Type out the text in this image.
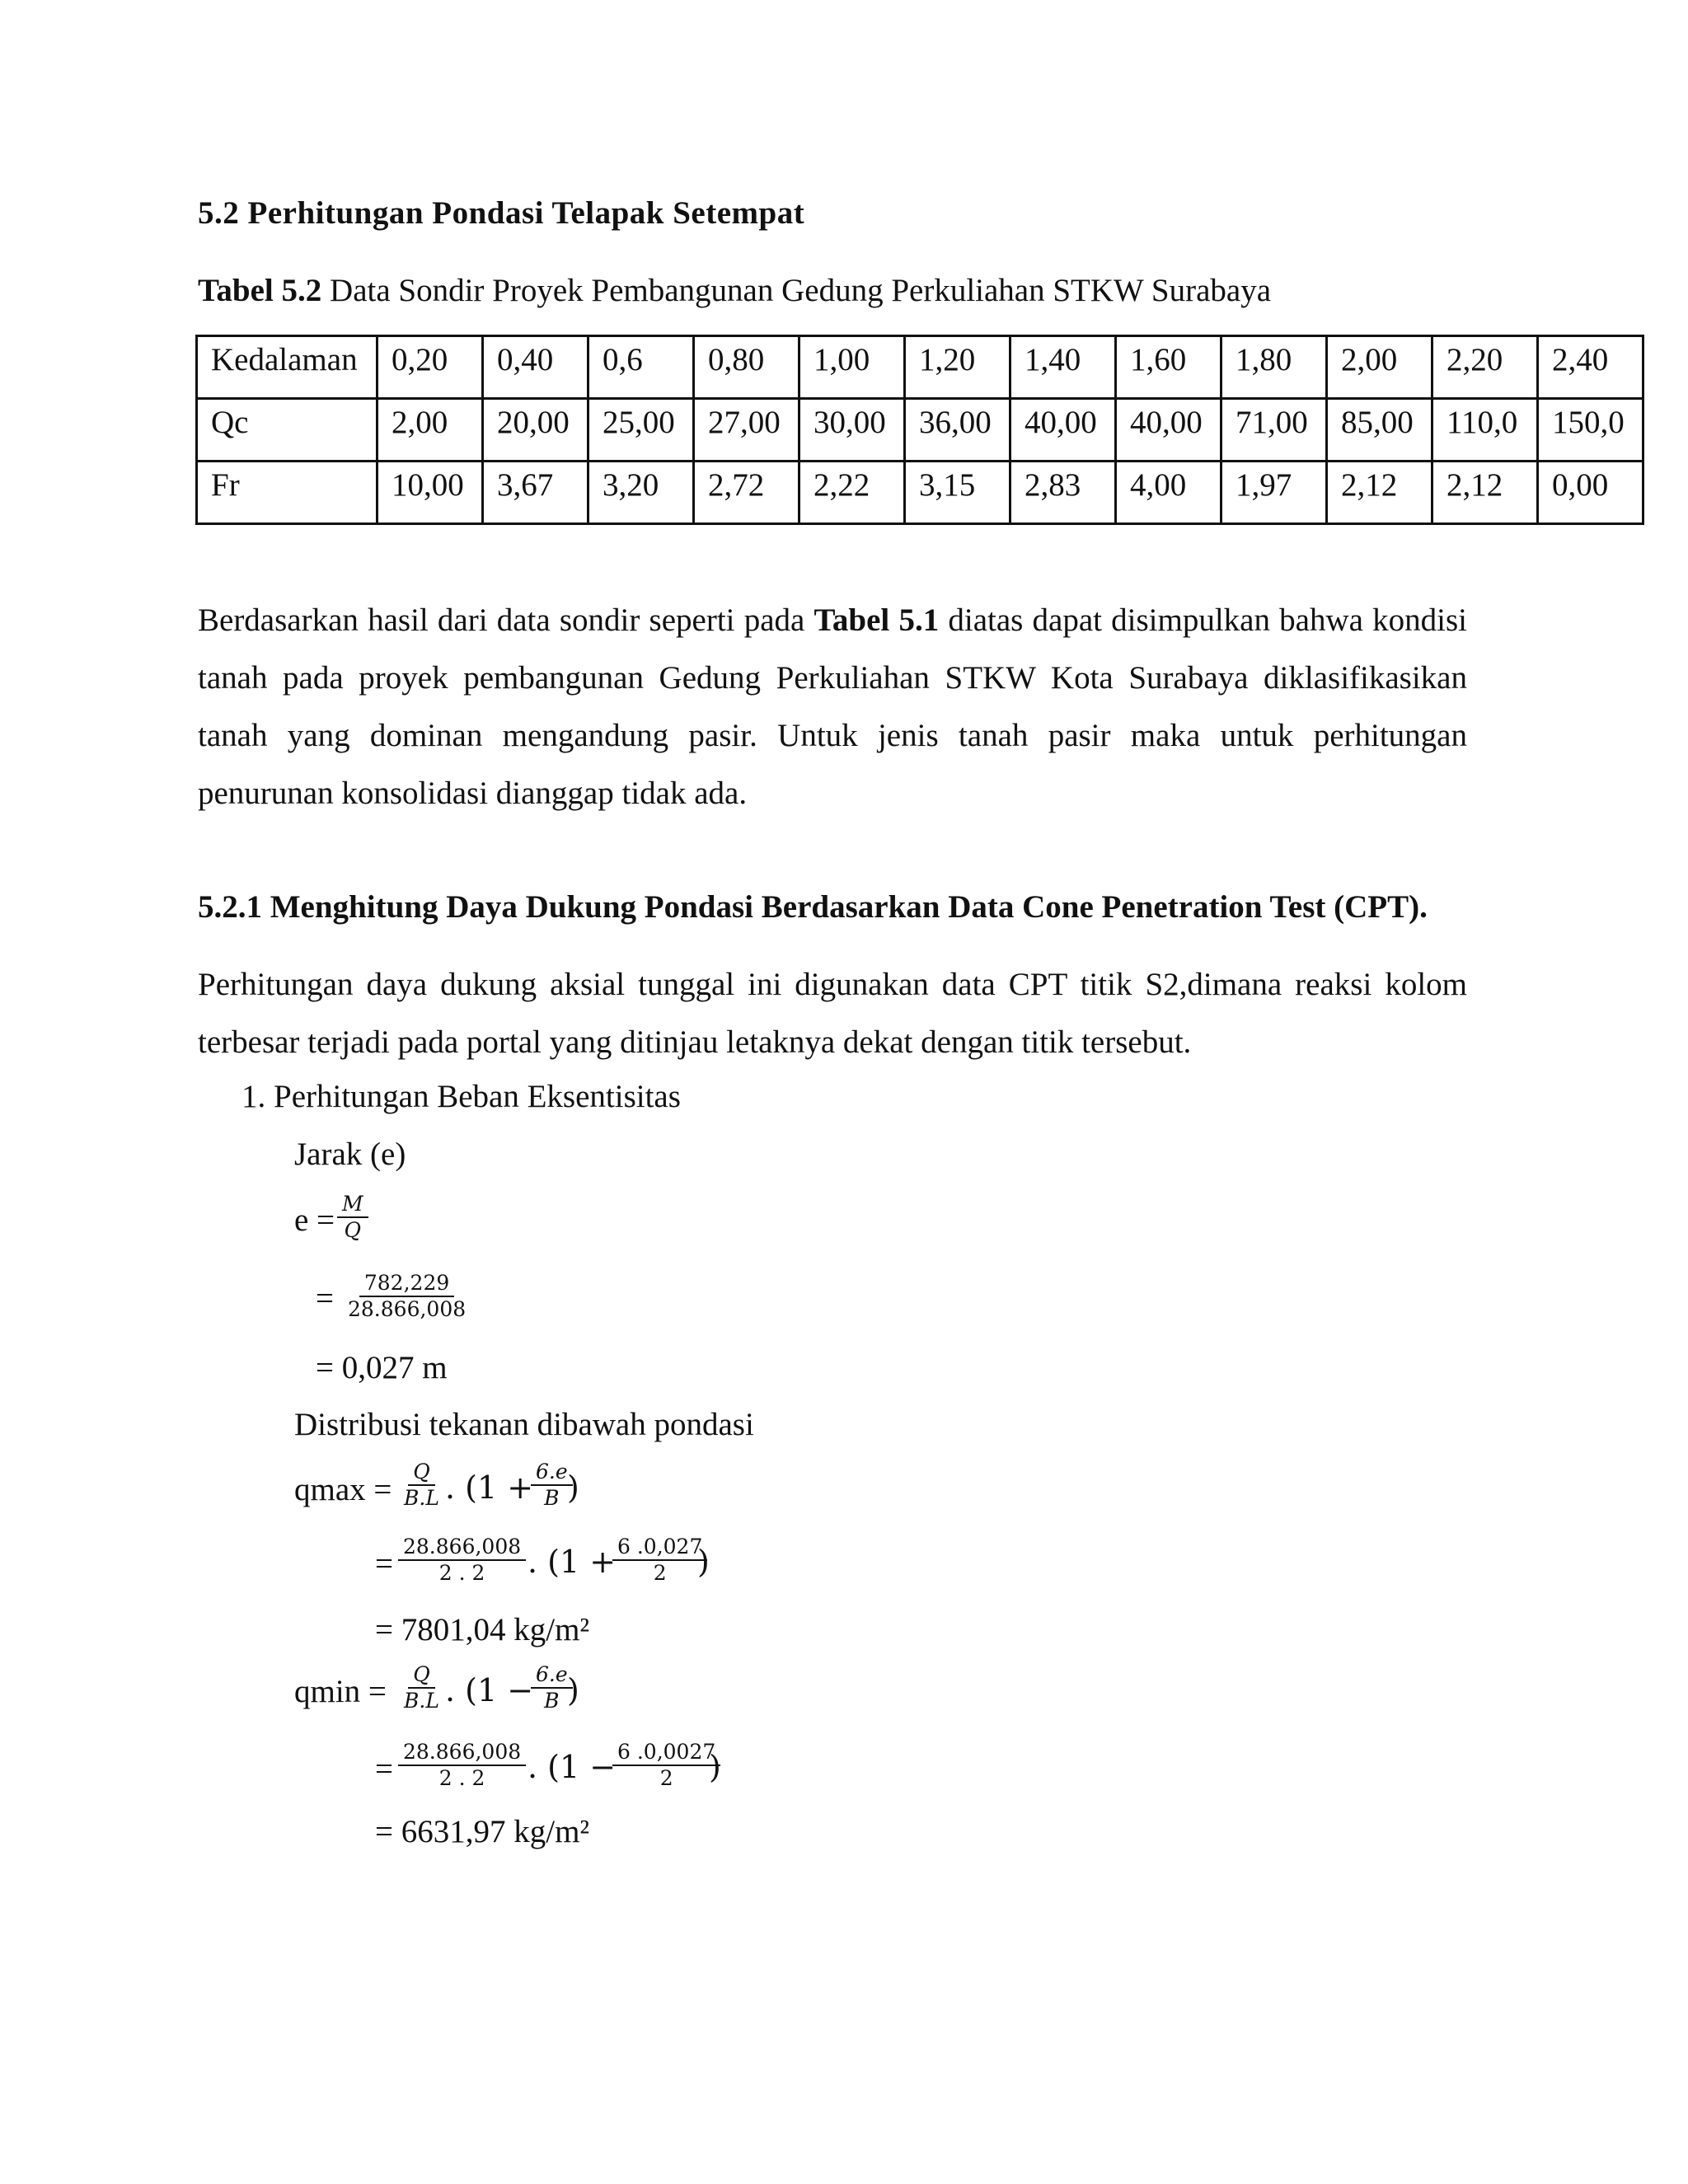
5.2 Perhitungan Pondasi Telapak Setempat
Tabel 5.2 Data Sondir Proyek Pembangunan Gedung Perkuliahan STKW Surabaya
Kedalaman	0,20	0,40	0,6	0,80	1,00	1,20	1,40	1,60	1,80	2,00	2,20	2,40
Qc	2,00	20,00	25,00	27,00	30,00	36,00	40,00	40,00	71,00	85,00	110,0	150,0
Fr	10,00	3,67	3,20	2,72	2,22	3,15	2,83	4,00	1,97	2,12	2,12	0,00
Berdasarkan hasil dari data sondir seperti pada Tabel 5.1 diatas dapat disimpulkan bahwa kondisi tanah pada proyek pembangunan Gedung Perkuliahan STKW Kota Surabaya diklasifikasikan tanah yang dominan mengandung pasir. Untuk jenis tanah pasir maka untuk perhitungan penurunan konsolidasi dianggap tidak ada.
5.2.1 Menghitung Daya Dukung Pondasi Berdasarkan Data Cone Penetration Test (CPT).
Perhitungan daya dukung aksial tunggal ini digunakan data CPT titik S2,dimana reaksi kolom terbesar terjadi pada portal yang ditinjau letaknya dekat dengan titik tersebut.
1. Perhitungan Beban Eksentisitas
Jarak (e)
$e = \frac{M}{Q}$
= $\frac{782,229}{28.866,008}$
= 0,027 m
Distribusi tekanan dibawah pondasi
$qmax = \frac{Q}{B.L}$ . (1 +
$\frac{6.e}{B}$
)
= $\frac{28.866,008}{2 . 2}$ . (1 +
$\frac{6 .0,027}{2}$
)
= 7801,04 kg/m²
$qmin = \frac{Q}{B.L}$ . (1 −
$\frac{6.e}{B}$
)
= $\frac{28.866,008}{2 . 2}$ . (1 −
$\frac{6 .0,0027}{2}$
)
= 6631,97 kg/m²
